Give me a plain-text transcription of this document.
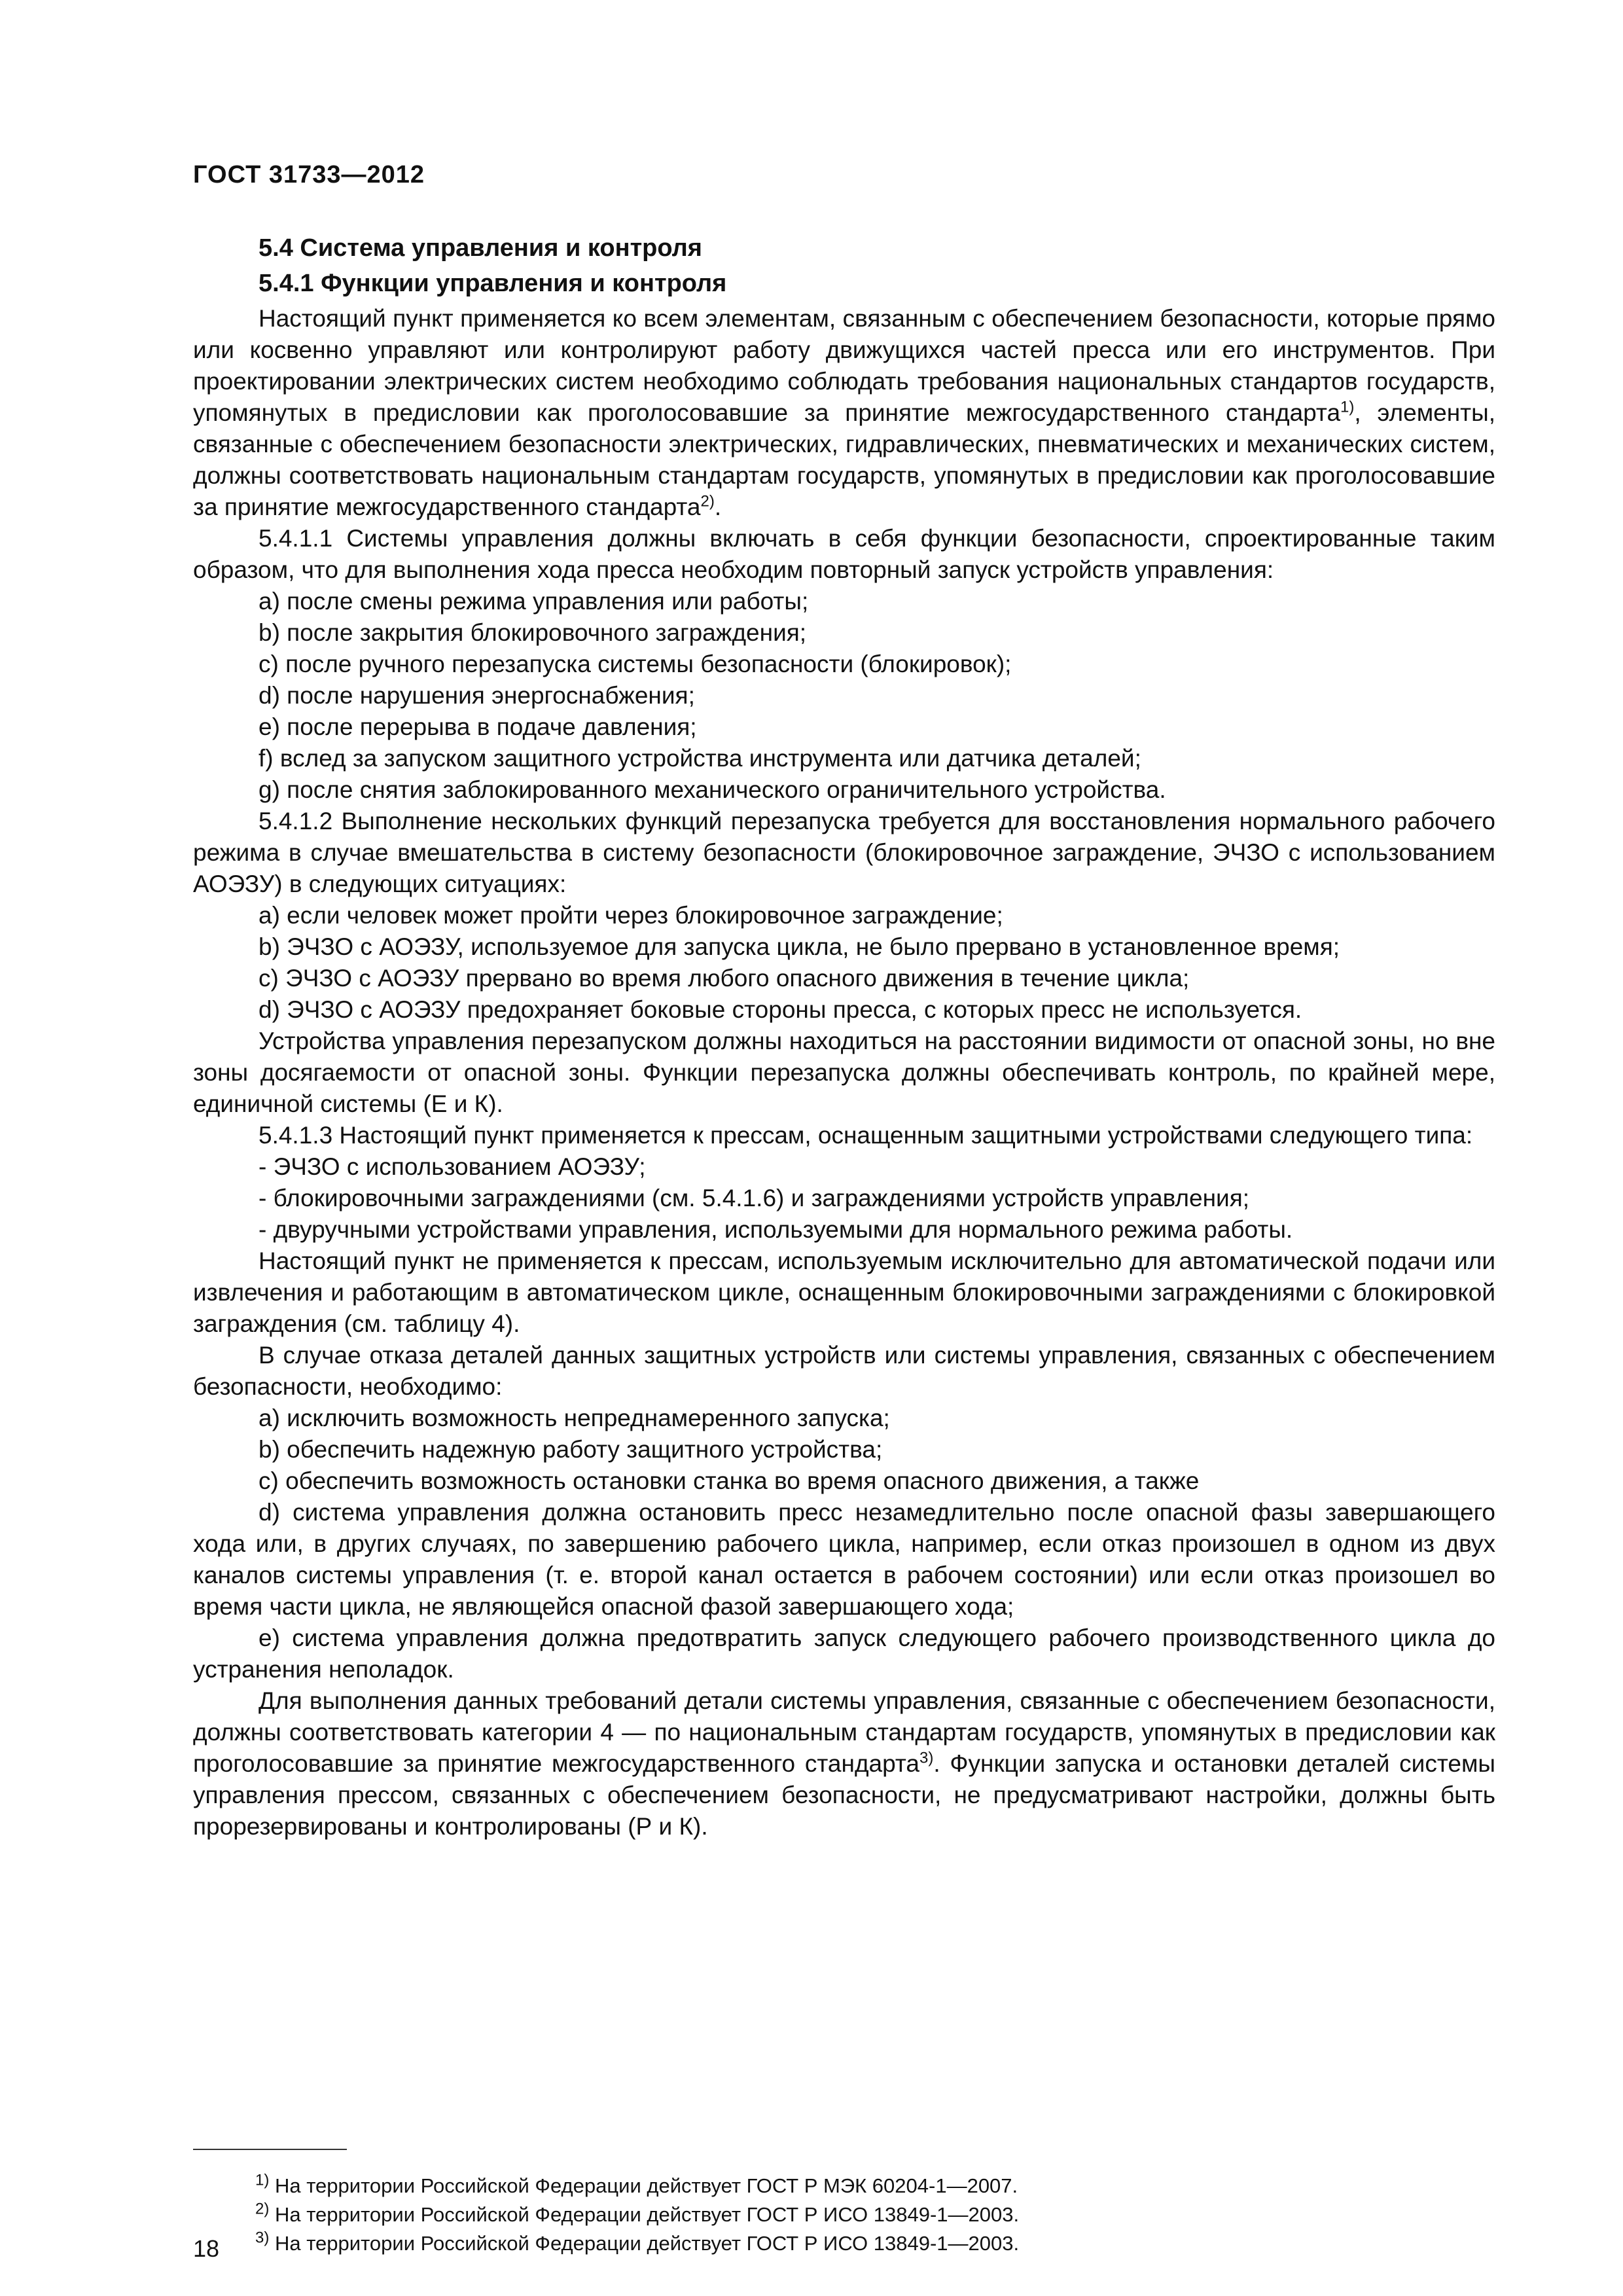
ГОСТ 31733—2012

5.4 Система управления и контроля

5.4.1 Функции управления и контроля

Настоящий пункт применяется ко всем элементам, связанным с обеспечением безопасности, которые прямо или косвенно управляют или контролируют работу движущихся частей пресса или его инструментов. При проектировании электрических систем необходимо соблюдать требования национальных стандартов государств, упомянутых в предисловии как проголосовавшие за принятие межгосударственного стандарта$^{1)}$, элементы, связанные с обеспечением безопасности электрических, гидравлических, пневматических и механических систем, должны соответствовать национальным стандартам государств, упомянутых в предисловии как проголосовавшие за принятие межгосударственного стандарта$^{2)}$.

5.4.1.1 Системы управления должны включать в себя функции безопасности, спроектированные таким образом, что для выполнения хода пресса необходим повторный запуск устройств управления:

а) после смены режима управления или работы;

b) после закрытия блокировочного заграждения;

с) после ручного перезапуска системы безопасности (блокировок);

d) после нарушения энергоснабжения;

е) после перерыва в подаче давления;

f) вслед за запуском защитного устройства инструмента или датчика деталей;

g) после снятия заблокированного механического ограничительного устройства.

5.4.1.2 Выполнение нескольких функций перезапуска требуется для восстановления нормального рабочего режима в случае вмешательства в систему безопасности (блокировочное заграждение, ЭЧЗО с использованием АОЭЗУ) в следующих ситуациях:

а) если человек может пройти через блокировочное заграждение;

b) ЭЧЗО с АОЭЗУ, используемое для запуска цикла, не было прервано в установленное время;

с) ЭЧЗО с АОЭЗУ прервано во время любого опасного движения в течение цикла;

d) ЭЧЗО с АОЭЗУ предохраняет боковые стороны пресса, с которых пресс не используется.

Устройства управления перезапуском должны находиться на расстоянии видимости от опасной зоны, но вне зоны досягаемости от опасной зоны. Функции перезапуска должны обеспечивать контроль, по крайней мере, единичной системы (Е и К).

5.4.1.3 Настоящий пункт применяется к прессам, оснащенным защитными устройствами следующего типа:

- ЭЧЗО с использованием АОЭЗУ;

- блокировочными заграждениями (см. 5.4.1.6) и заграждениями устройств управления;

- двуручными устройствами управления, используемыми для нормального режима работы.

Настоящий пункт не применяется к прессам, используемым исключительно для автоматической подачи или извлечения и работающим в автоматическом цикле, оснащенным блокировочными заграждениями с блокировкой заграждения (см. таблицу 4).

В случае отказа деталей данных защитных устройств или системы управления, связанных с обеспечением безопасности, необходимо:

а) исключить возможность непреднамеренного запуска;

b) обеспечить надежную работу защитного устройства;

с) обеспечить возможность остановки станка во время опасного движения, а также

d) система управления должна остановить пресс незамедлительно после опасной фазы завершающего хода или, в других случаях, по завершению рабочего цикла, например, если отказ произошел в одном из двух каналов системы управления (т. е. второй канал остается в рабочем состоянии) или если отказ произошел во время части цикла, не являющейся опасной фазой завершающего хода;

е) система управления должна предотвратить запуск следующего рабочего производственного цикла до устранения неполадок.

Для выполнения данных требований детали системы управления, связанные с обеспечением безопасности, должны соответствовать категории 4 — по национальным стандартам государств, упомянутых в предисловии как проголосовавшие за принятие межгосударственного стандарта$^{3)}$. Функции запуска и остановки деталей системы управления прессом, связанных с обеспечением безопасности, не предусматривают настройки, должны быть прорезервированы и контролированы (Р и К).

$^{1)}$ На территории Российской Федерации действует ГОСТ Р МЭК 60204-1—2007.

$^{2)}$ На территории Российской Федерации действует ГОСТ Р ИСО 13849-1—2003.

$^{3)}$ На территории Российской Федерации действует ГОСТ Р ИСО 13849-1—2003.

18
